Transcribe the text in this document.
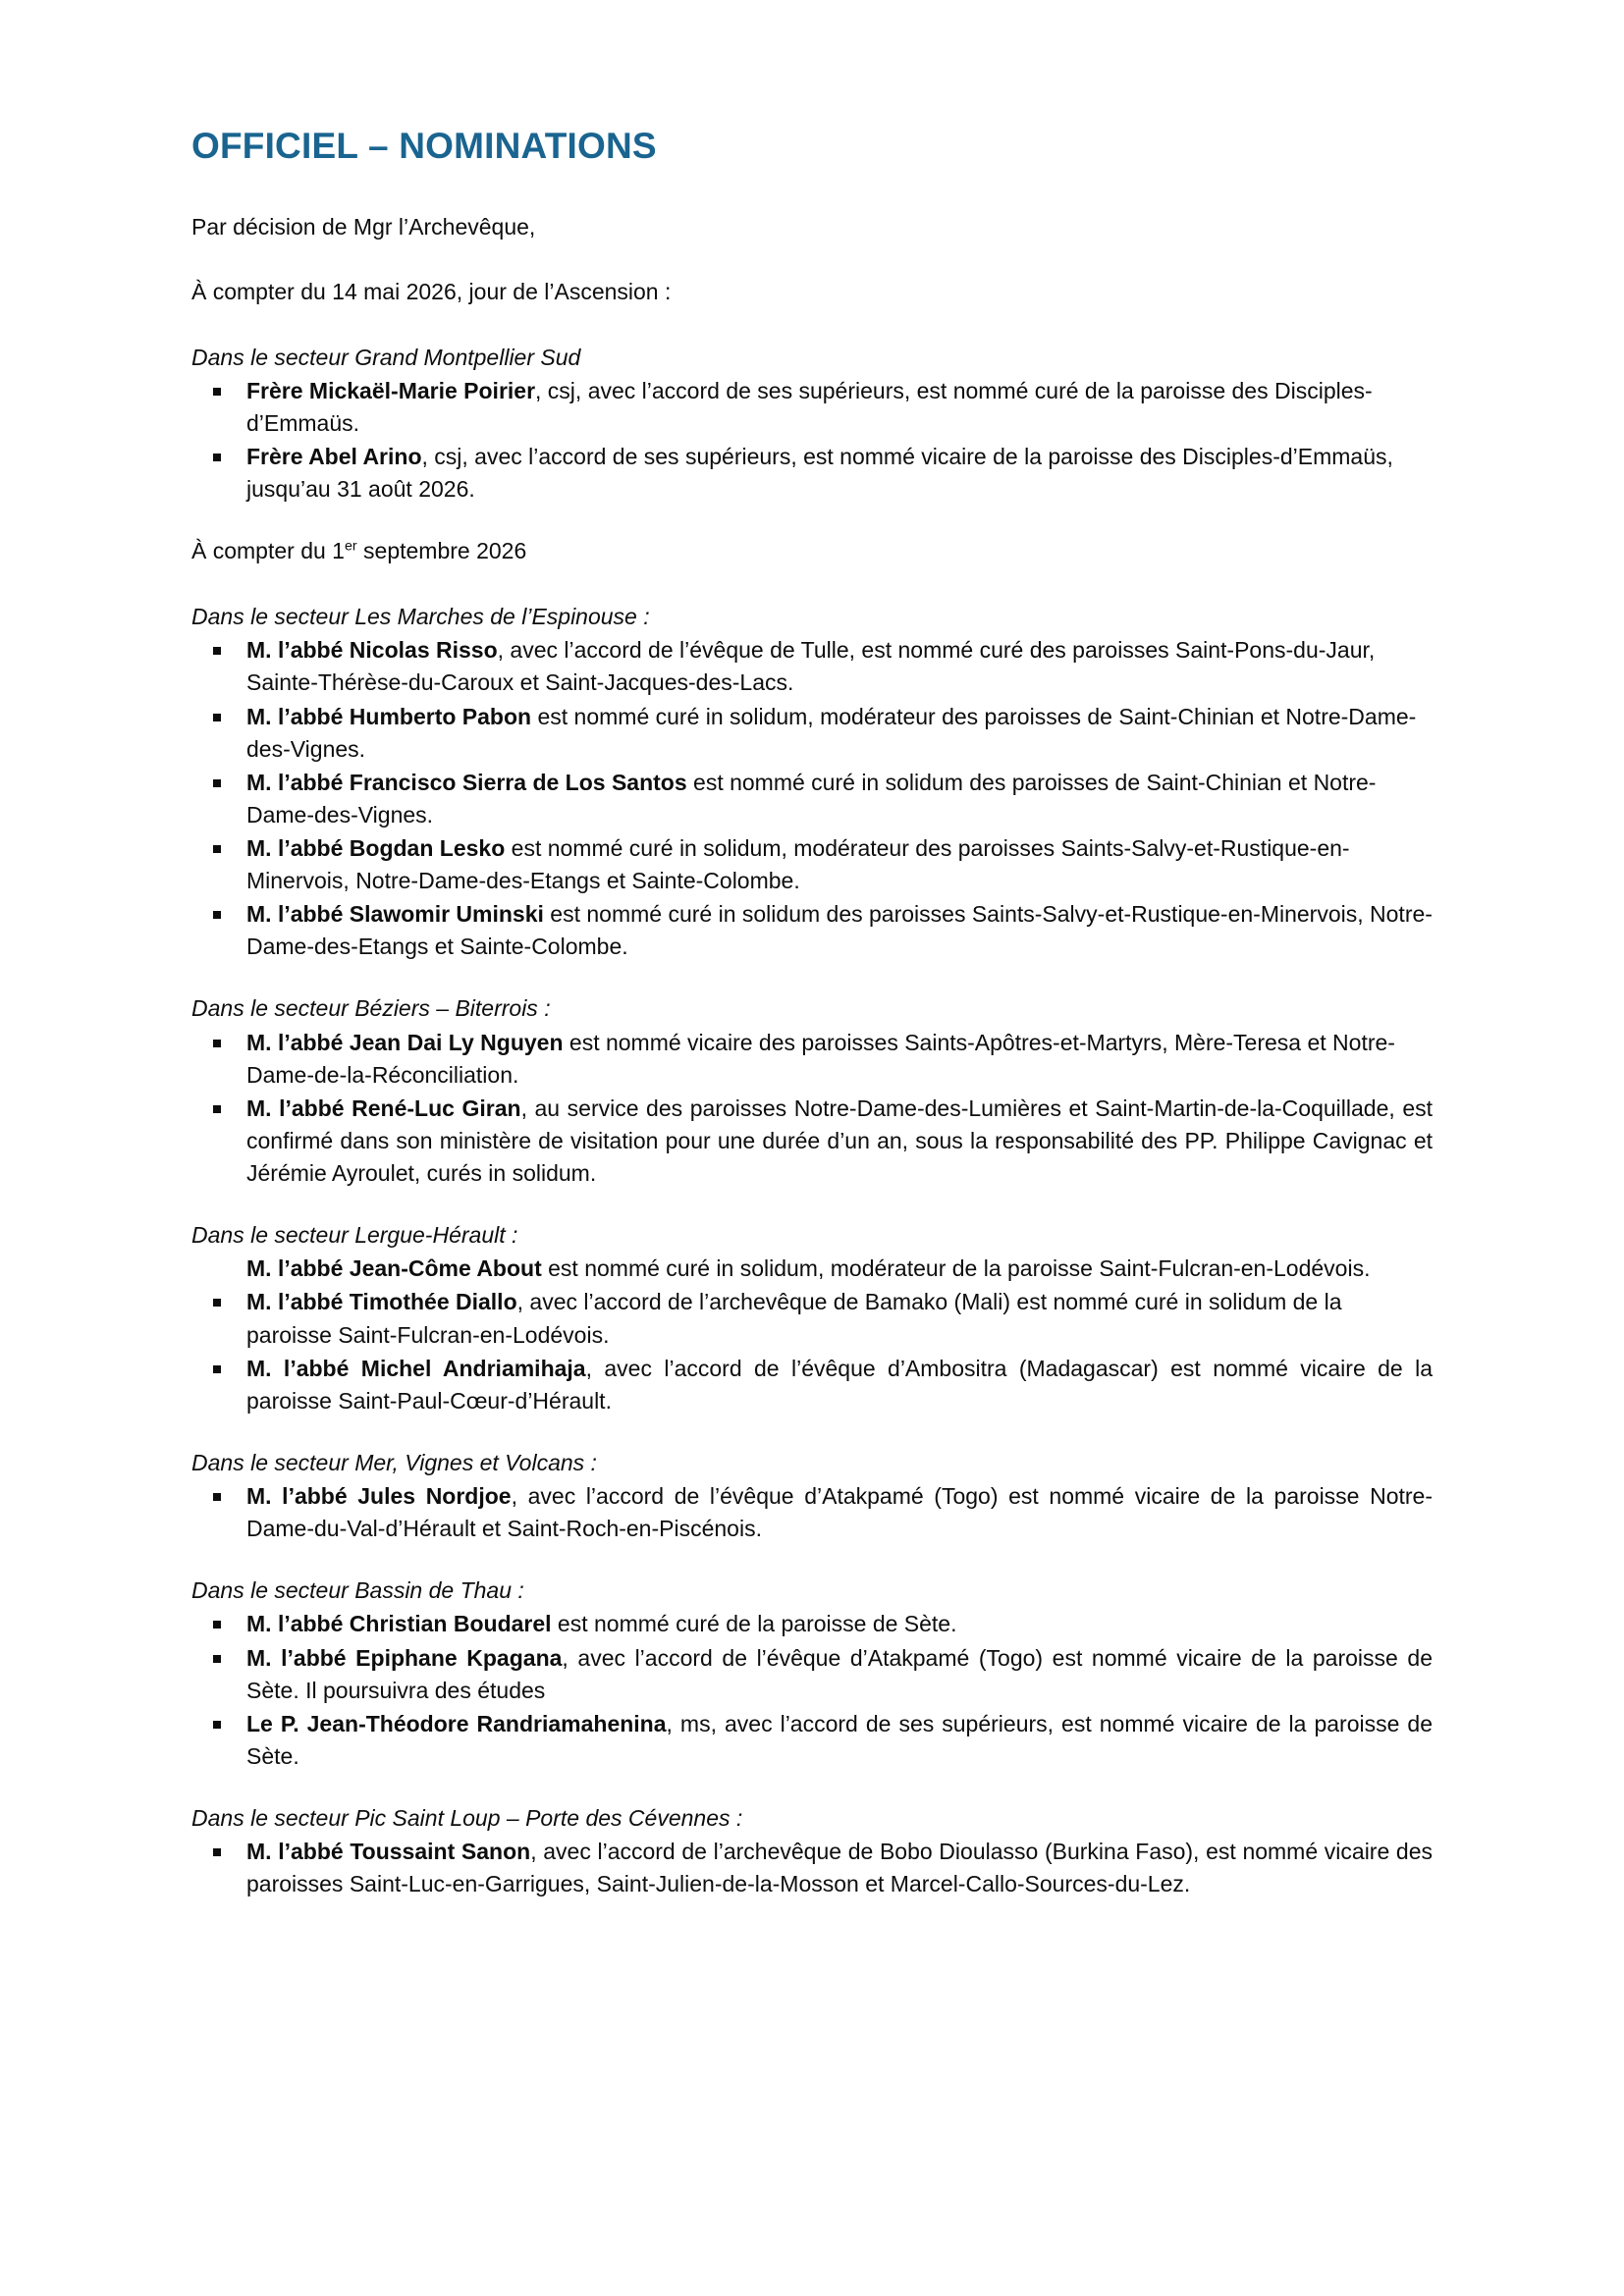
OFFICIEL – NOMINATIONS

Par décision de Mgr l’Archevêque,

À compter du 14 mai 2026, jour de l’Ascension :

Dans le secteur Grand Montpellier Sud
Frère Mickaël-Marie Poirier, csj, avec l’accord de ses supérieurs, est nommé curé de la paroisse des Disciples-d’Emmaüs.
Frère Abel Arino, csj, avec l’accord de ses supérieurs, est nommé vicaire de la paroisse des Disciples-d’Emmaüs, jusqu’au 31 août 2026.

À compter du 1er septembre 2026

Dans le secteur Les Marches de l’Espinouse :
M. l’abbé Nicolas Risso, avec l’accord de l’évêque de Tulle, est nommé curé des paroisses Saint-Pons-du-Jaur, Sainte-Thérèse-du-Caroux et Saint-Jacques-des-Lacs.
M. l’abbé Humberto Pabon est nommé curé in solidum, modérateur des paroisses de Saint-Chinian et Notre-Dame-des-Vignes.
M. l’abbé Francisco Sierra de Los Santos est nommé curé in solidum des paroisses de Saint-Chinian et Notre-Dame-des-Vignes.
M. l’abbé Bogdan Lesko est nommé curé in solidum, modérateur des paroisses Saints-Salvy-et-Rustique-en-Minervois, Notre-Dame-des-Etangs et Sainte-Colombe.
M. l’abbé Slawomir Uminski est nommé curé in solidum des paroisses Saints-Salvy-et-Rustique-en-Minervois, Notre-Dame-des-Etangs et Sainte-Colombe.
Dans le secteur Béziers – Biterrois :
M. l’abbé Jean Dai Ly Nguyen est nommé vicaire des paroisses Saints-Apôtres-et-Martyrs, Mère-Teresa et Notre-Dame-de-la-Réconciliation.
M. l’abbé René-Luc Giran, au service des paroisses Notre-Dame-des-Lumières et Saint-Martin-de-la-Coquillade, est confirmé dans son ministère de visitation pour une durée d’un an, sous la responsabilité des PP. Philippe Cavignac et Jérémie Ayroulet, curés in solidum.
Dans le secteur Lergue-Hérault :
M. l’abbé Jean-Côme About est nommé curé in solidum, modérateur de la paroisse Saint-Fulcran-en-Lodévois.
M. l’abbé Timothée Diallo, avec l’accord de l’archevêque de Bamako (Mali) est nommé curé in solidum de la paroisse Saint-Fulcran-en-Lodévois.
M. l’abbé Michel Andriamihaja, avec l’accord de l’évêque d’Ambositra (Madagascar) est nommé vicaire de la paroisse Saint-Paul-Cœur-d’Hérault.
Dans le secteur Mer, Vignes et Volcans :
M. l’abbé Jules Nordjoe, avec l’accord de l’évêque d’Atakpamé (Togo) est nommé vicaire de la paroisse Notre-Dame-du-Val-d’Hérault et Saint-Roch-en-Piscénois.
Dans le secteur Bassin de Thau :
M. l’abbé Christian Boudarel est nommé curé de la paroisse de Sète.
M. l’abbé Epiphane Kpagana, avec l’accord de l’évêque d’Atakpamé (Togo) est nommé vicaire de la paroisse de Sète. Il poursuivra des études
Le P. Jean-Théodore Randriamahenina, ms, avec l’accord de ses supérieurs, est nommé vicaire de la paroisse de Sète.
Dans le secteur Pic Saint Loup – Porte des Cévennes :
M. l’abbé Toussaint Sanon, avec l’accord de l’archevêque de Bobo Dioulasso (Burkina Faso), est nommé vicaire des paroisses Saint-Luc-en-Garrigues, Saint-Julien-de-la-Mosson et Marcel-Callo-Sources-du-Lez.
